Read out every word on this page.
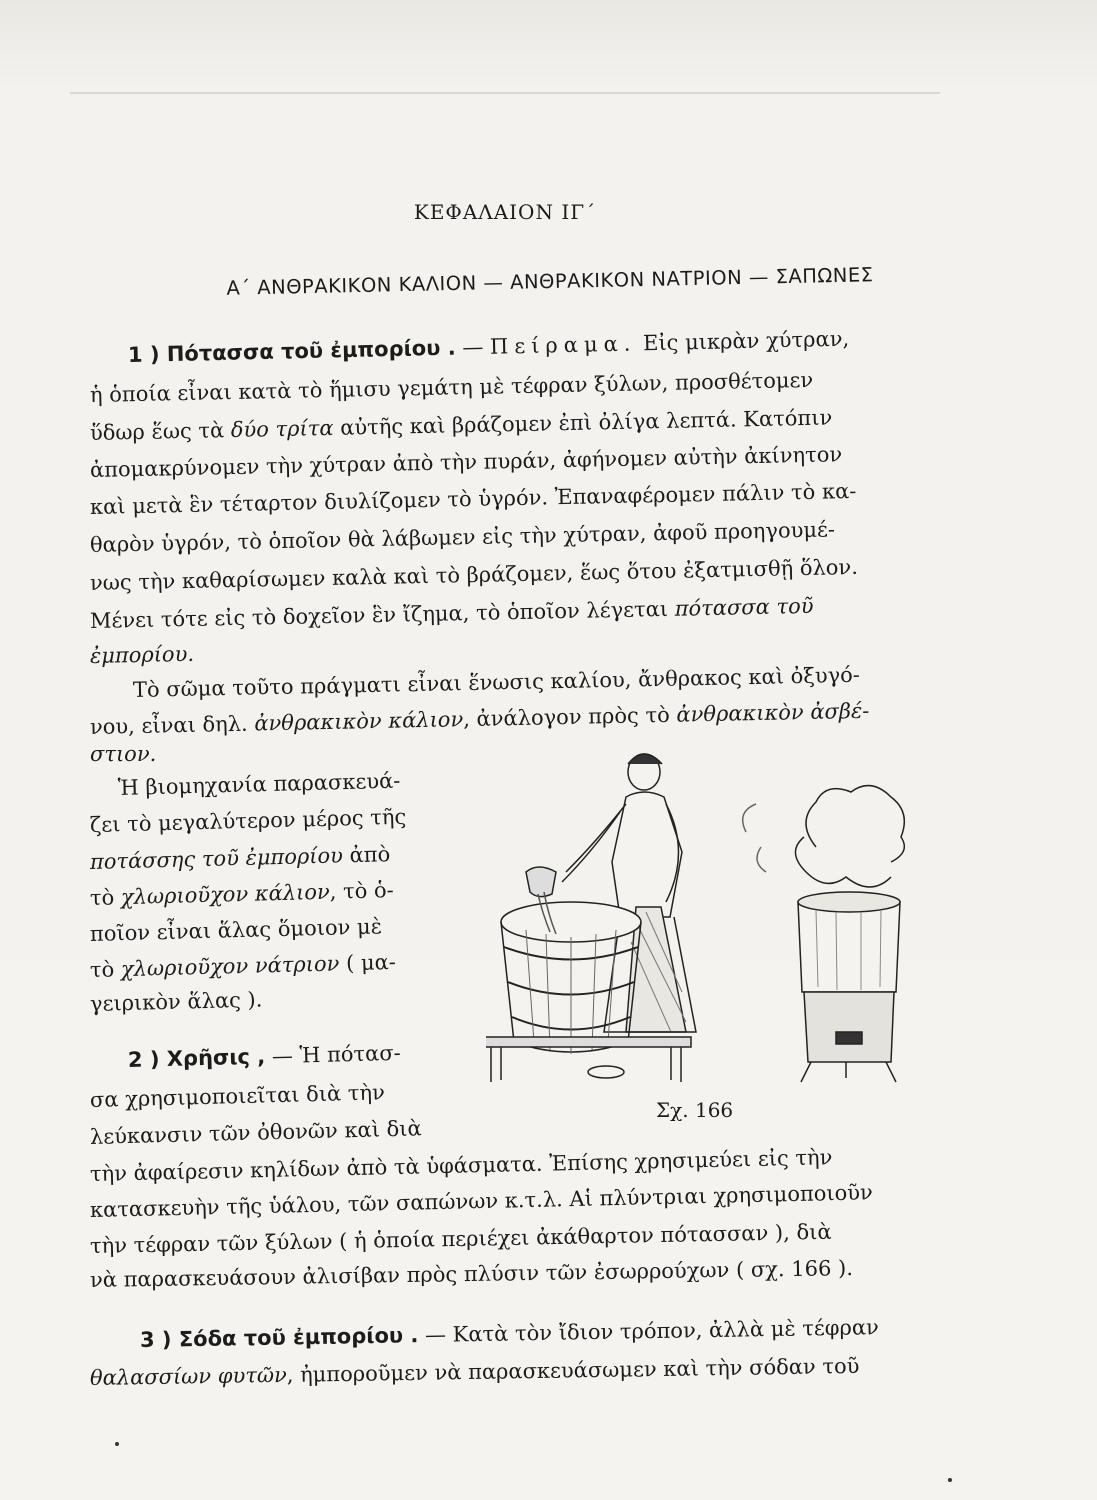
ΚΕΦΑΛΑΙΟΝ ΙΓ΄
Α΄ ΑΝΘΡΑΚΙΚΟΝ ΚΑΛΙΟΝ — ΑΝΘΡΑΚΙΚΟΝ ΝΑΤΡΙΟΝ — ΣΑΠΩΝΕΣ
1 ) Πότασσα τοῦ ἐμπορίου . — Πείραμα. Εἰς μικρὰν χύτραν,
ἡ ὁποία εἶναι κατὰ τὸ ἥμισυ γεμάτη μὲ τέφραν ξύλων, προσθέτομεν
ὕδωρ ἕως τὰ δύο τρίτα αὐτῆς καὶ βράζομεν ἐπὶ ὀλίγα λεπτά. Κατόπιν
ἀπομακρύνομεν τὴν χύτραν ἀπὸ τὴν πυράν, ἀφήνομεν αὐτὴν ἀκίνητον
καὶ μετὰ ἓν τέταρτον διυλίζομεν τὸ ὑγρόν. Ἐπαναφέρομεν πάλιν τὸ κα-
θαρὸν ὑγρόν, τὸ ὁποῖον θὰ λάβωμεν εἰς τὴν χύτραν, ἀφοῦ προηγουμέ-
νως τὴν καθαρίσωμεν καλὰ καὶ τὸ βράζομεν, ἕως ὅτου ἐξατμισθῇ ὅλον.
Μένει τότε εἰς τὸ δοχεῖον ἓν ἴζημα, τὸ ὁποῖον λέγεται πότασσα τοῦ
ἐμπορίου.
Τὸ σῶμα τοῦτο πράγματι εἶναι ἕνωσις καλίου, ἄνθρακος καὶ ὀξυγό-
νου, εἶναι δηλ. ἀνθρακικὸν κάλιον, ἀνάλογον πρὸς τὸ ἀνθρακικὸν ἀσβέ-
στιον.
Ἡ βιομηχανία παρασκευά-
ζει τὸ μεγαλύτερον μέρος τῆς
ποτάσσης τοῦ ἐμπορίου ἀπὸ
τὸ χλωριοῦχον κάλιον, τὸ ὁ-
ποῖον εἶναι ἅλας ὅμοιον μὲ
τὸ χλωριοῦχον νάτριον ( μα-
γειρικὸν ἅλας ).
Σχ. 166
2 ) Χρῆσις , — Ἡ πότασ-
σα χρησιμοποιεῖται διὰ τὴν
λεύκανσιν τῶν ὀθονῶν καὶ διὰ
τὴν ἀφαίρεσιν κηλίδων ἀπὸ τὰ ὑφάσματα. Ἐπίσης χρησιμεύει εἰς τὴν
κατασκευὴν τῆς ὑάλου, τῶν σαπώνων κ.τ.λ. Αἱ πλύντριαι χρησιμοποιοῦν
τὴν τέφραν τῶν ξύλων ( ἡ ὁποία περιέχει ἀκάθαρτον πότασσαν ), διὰ
νὰ παρασκευάσουν ἀλισίβαν πρὸς πλύσιν τῶν ἐσωρρούχων ( σχ. 166 ).
3 ) Σόδα τοῦ ἐμπορίου . — Κατὰ τὸν ἴδιον τρόπον, ἀλλὰ μὲ τέφραν
θαλασσίων φυτῶν, ἠμποροῦμεν νὰ παρασκευάσωμεν καὶ τὴν σόδαν τοῦ
